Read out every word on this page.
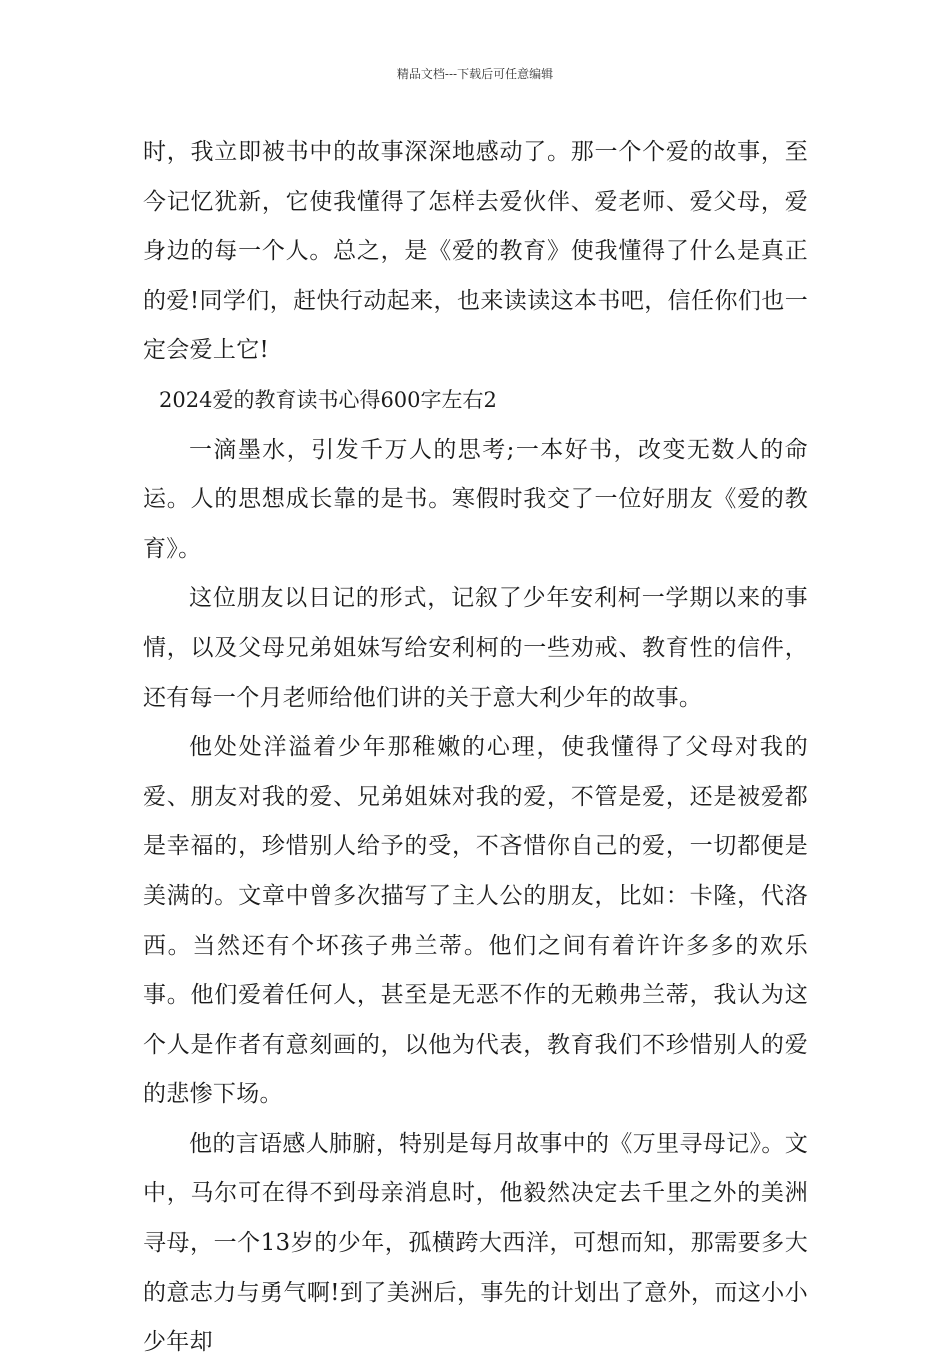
精品文档---下载后可任意编辑

时，我立即被书中的故事深深地感动了。那一个个爱的故事，至今记忆犹新，它使我懂得了怎样去爱伙伴、爱老师、爱父母，爱身边的每一个人。总之，是《爱的教育》使我懂得了什么是真正的爱!同学们，赶快行动起来，也来读读这本书吧，信任你们也一定会爱上它!

2024爱的教育读书心得600字左右2

一滴墨水，引发千万人的思考;一本好书，改变无数人的命运。人的思想成长靠的是书。寒假时我交了一位好朋友《爱的教育》。

这位朋友以日记的形式，记叙了少年安利柯一学期以来的事情，以及父母兄弟姐妹写给安利柯的一些劝戒、教育性的信件，还有每一个月老师给他们讲的关于意大利少年的故事。

他处处洋溢着少年那稚嫩的心理，使我懂得了父母对我的爱、朋友对我的爱、兄弟姐妹对我的爱，不管是爱，还是被爱都是幸福的，珍惜别人给予的受，不吝惜你自己的爱，一切都便是美满的。文章中曾多次描写了主人公的朋友，比如：卡隆，代洛西。当然还有个坏孩子弗兰蒂。他们之间有着许许多多的欢乐事。他们爱着任何人，甚至是无恶不作的无赖弗兰蒂，我认为这个人是作者有意刻画的，以他为代表，教育我们不珍惜别人的爱的悲惨下场。

他的言语感人肺腑，特别是每月故事中的《万里寻母记》。文中，马尔可在得不到母亲消息时，他毅然决定去千里之外的美洲寻母，一个13岁的少年，孤横跨大西洋，可想而知，那需要多大的意志力与勇气啊!到了美洲后，事先的计划出了意外，而这小小少年却
